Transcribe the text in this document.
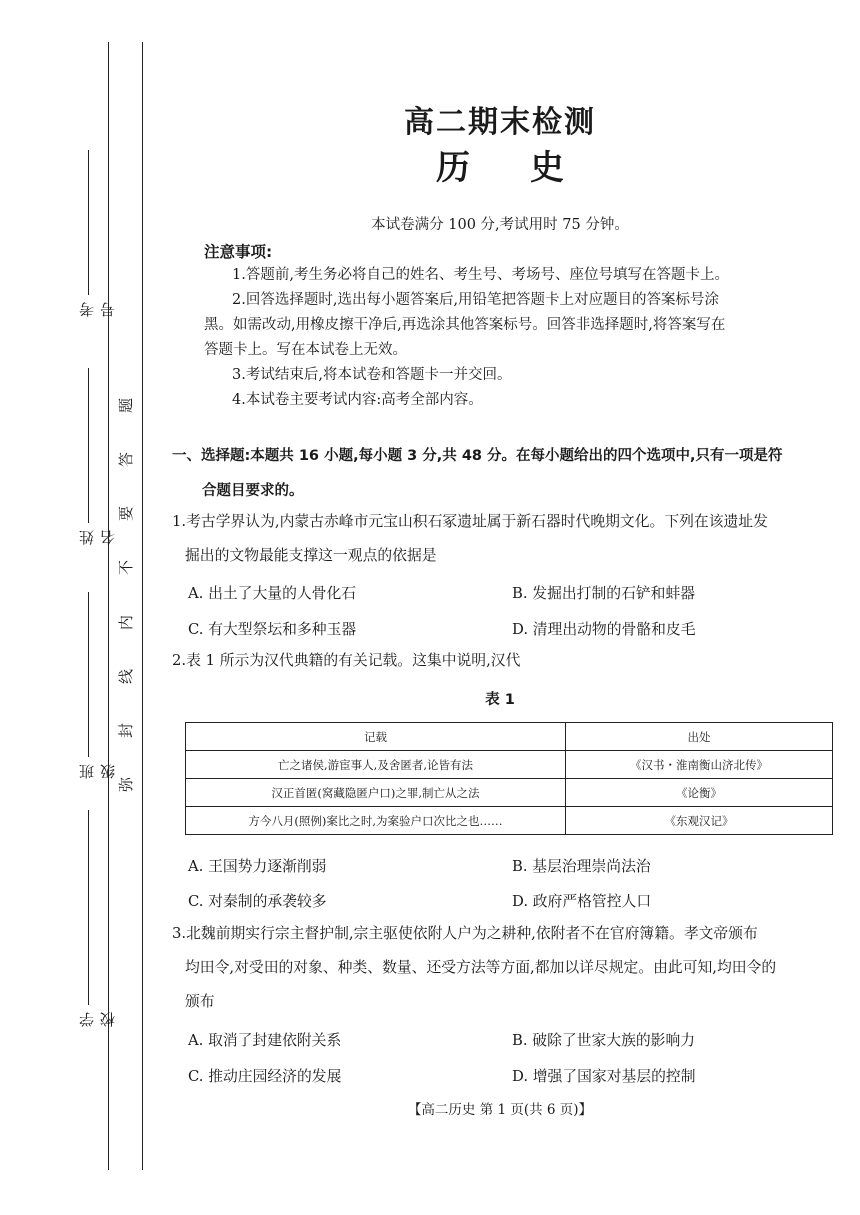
考号
姓名
班级
学校
题
答
要
不
内
线
封
弥
高二期末检测
历 史
本试卷满分 100 分,考试用时 75 分钟。
注意事项:
1.答题前,考生务必将自己的姓名、考生号、考场号、座位号填写在答题卡上。
2.回答选择题时,选出每小题答案后,用铅笔把答题卡上对应题目的答案标号涂
黑。如需改动,用橡皮擦干净后,再选涂其他答案标号。回答非选择题时,将答案写在
答题卡上。写在本试卷上无效。
3.考试结束后,将本试卷和答题卡一并交回。
4.本试卷主要考试内容:高考全部内容。
一、选择题:本题共 16 小题,每小题 3 分,共 48 分。在每小题给出的四个选项中,只有一项是符
合题目要求的。
1.考古学界认为,内蒙古赤峰市元宝山积石冢遗址属于新石器时代晚期文化。下列在该遗址发
掘出的文物最能支撑这一观点的依据是
A. 出土了大量的人骨化石	B. 发掘出打制的石铲和蚌器
C. 有大型祭坛和多种玉器	D. 清理出动物的骨骼和皮毛
2.表 1 所示为汉代典籍的有关记载。这集中说明,汉代
表 1
记载	出处
亡之诸侯,游宦事人,及舍匿者,论皆有法	《汉书・淮南衡山济北传》
汉正首匿(窝藏隐匿户口)之罪,制亡从之法	《论衡》
方今八月(照例)案比之时,为案验户口次比之也……	《东观汉记》
A. 王国势力逐渐削弱	B. 基层治理崇尚法治
C. 对秦制的承袭较多	D. 政府严格管控人口
3.北魏前期实行宗主督护制,宗主驱使依附人户为之耕种,依附者不在官府簿籍。孝文帝颁布
均田令,对受田的对象、种类、数量、还受方法等方面,都加以详尽规定。由此可知,均田令的
颁布
A. 取消了封建依附关系	B. 破除了世家大族的影响力
C. 推动庄园经济的发展	D. 增强了国家对基层的控制
【高二历史 第 1 页(共 6 页)】
